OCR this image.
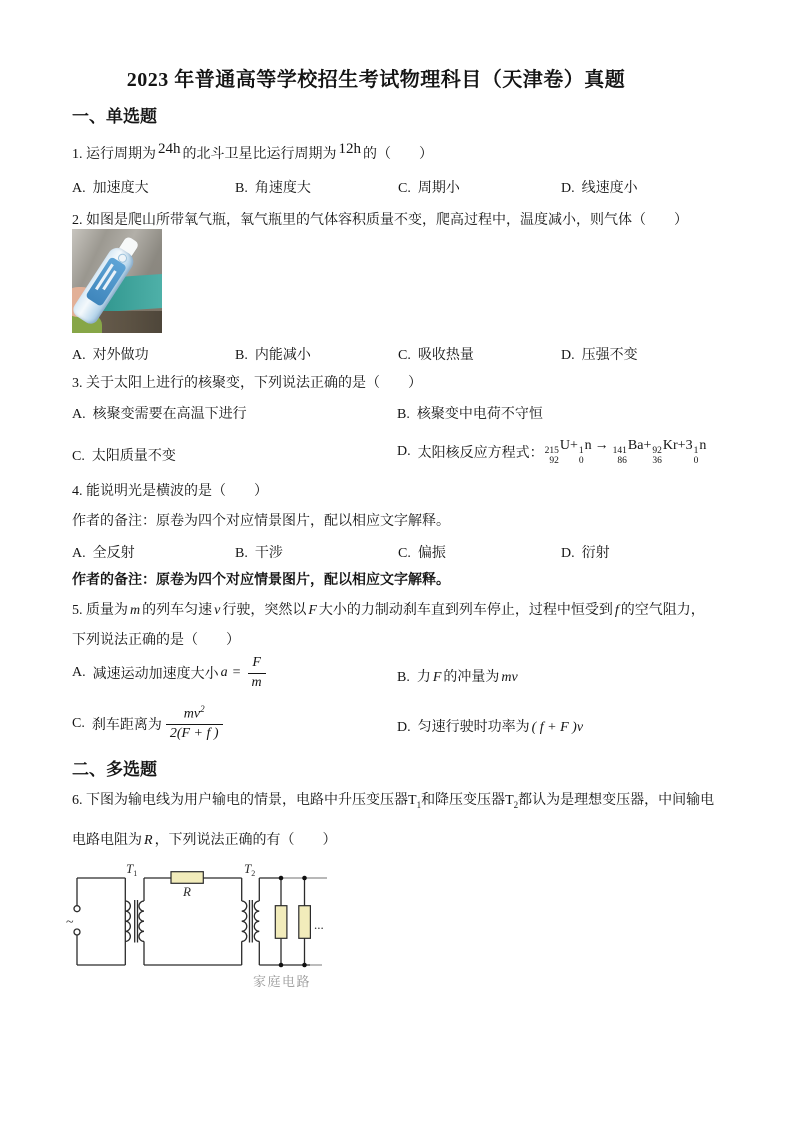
2023 年普通高等学校招生考试物理科目（天津卷）真题
一、单选题
1. 运行周期为 24h 的北斗卫星比运行周期为 12h 的（　　）
A. 加速度大	B. 角速度大	C. 周期小	D. 线速度小
2. 如图是爬山所带氧气瓶，氧气瓶里的气体容积质量不变，爬高过程中，温度减小，则气体（　　）
A. 对外做功	B. 内能减小	C. 吸收热量	D. 压强不变
3. 关于太阳上进行的核聚变，下列说法正确的是（　　）
A. 核聚变需要在高温下进行	B. 核聚变中电荷不守恒
C. 太阳质量不变	D. 太阳核反应方程式： 215
92
U+ 1
0
n → 141
86
Ba+ 92
36
Kr+3 1
0
n
4. 能说明光是横波的是（　　）
作者的备注：原卷为四个对应情景图片，配以相应文字解释。
A. 全反射	B. 干涉	C. 偏振	D. 衍射
作者的备注：原卷为四个对应情景图片，配以相应文字解释。
5. 质量为 m 的列车匀速 v 行驶，突然以 F 大小的力制动刹车直到列车停止，过程中恒受到 f 的空气阻力，
下列说法正确的是（　　）
A. 减速运动加速度大小 $a = \frac{F}{m}$	B. 力 F 的冲量为 mv
C. 刹车距离为 $\frac{mv^2}{2(F + f )}$	D. 匀速行驶时功率为 ( f + F )v
二、多选题
6. 下图为输电线为用户输电的情景，电路中升压变压器$T_1$和降压变压器$T_2$都认为是理想变压器，中间输电
电路电阻为 R ，下列说法正确的有（　　）
~
$T_1$
R
$T_2$
...
家庭电路
